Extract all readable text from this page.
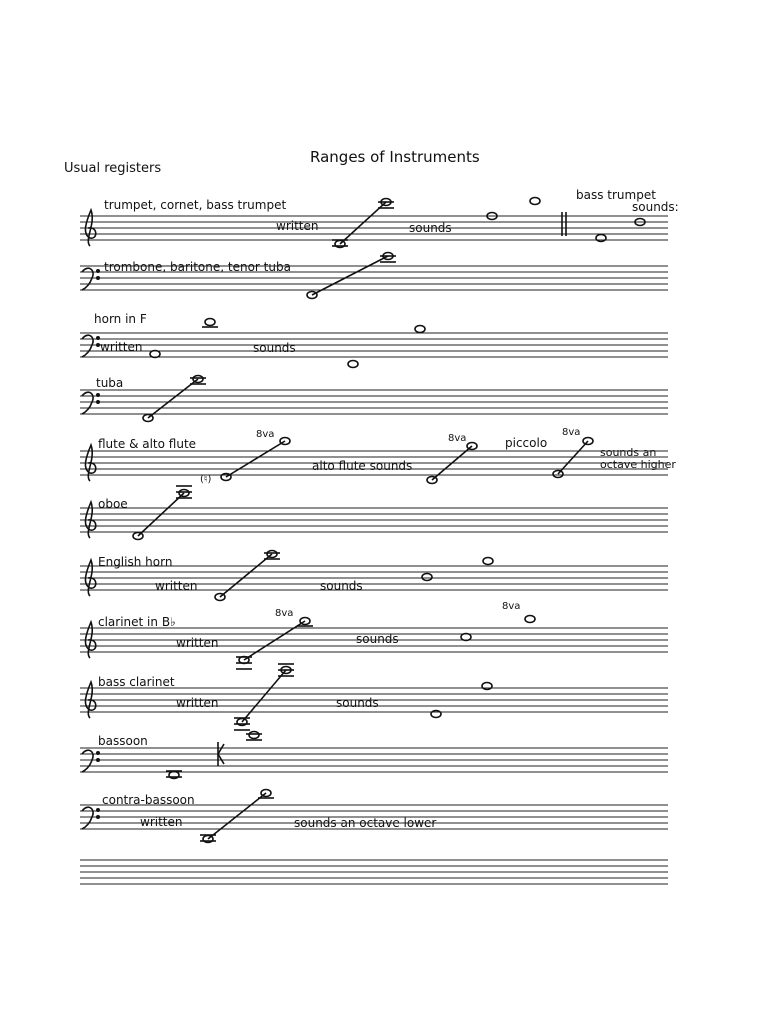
Ranges of Instruments
Usual registers
trumpet, cornet, bass trumpet
written	sounds
bass trumpet
sounds:
trombone, baritone, tenor tuba
horn in F
written	sounds
tuba
flute & alto flute
(♮)
8va
alto flute sounds
8va	piccolo
8va
sounds an octave higher
oboe
English horn
written	sounds
clarinet in B♭
written
8va
sounds
8va
bass clarinet
written	sounds
bassoon
contra-bassoon
written	sounds an octave lower
